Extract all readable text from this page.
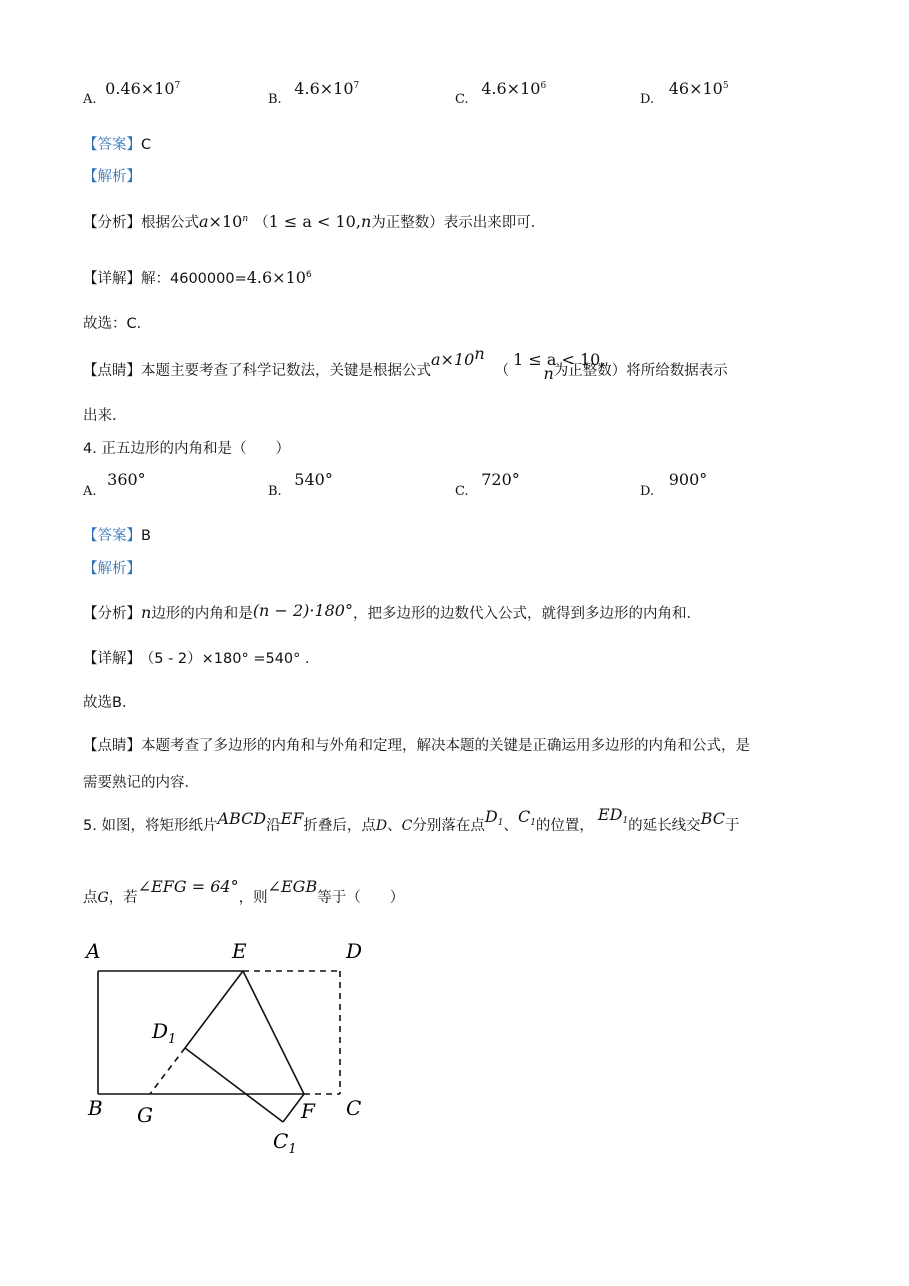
A. $0.46\times 10^7$
B. $4.6\times 10^7$
C. $4.6\times 10^6$
D. $46\times 10^5$
【答案】C
【解析】
【分析】根据公式$a\times 10^n$ （1 ≤ a < 10,n为正整数）表示出来即可．
【详解】解：$4600000=4.6\times 10^6$
故选：C．
【点睛】本题主要考查了科学记数法，关键是根据公式$a\times 10^n(1 \le a < 10,n$为正整数）将所给数据表示
出来．
4. 正五边形的内角和是（　　）
A. 360°
B. 540°
C. 720°
D. 900°
【答案】B
【解析】
【分析】n边形的内角和是(n − 2)·180°，把多边形的边数代入公式，就得到多边形的内角和．
【详解】 （5 - 2）×180° =540° ．
故选B．
【点睛】本题考查了多边形的内角和与外角和定理，解决本题的关键是正确运用多边形的内角和公式，是
需要熟记的内容．
5. 如图，将矩形纸片ABCD沿EF折叠后，点D、C分别落在点$D_1$、$C_1$的位置，$ED_1$的延长线交BC于
点G，若∠EFG = 64°，则∠EGB等于（　　）
A	E	D
$D_1$
B G	F C
$C_1$
